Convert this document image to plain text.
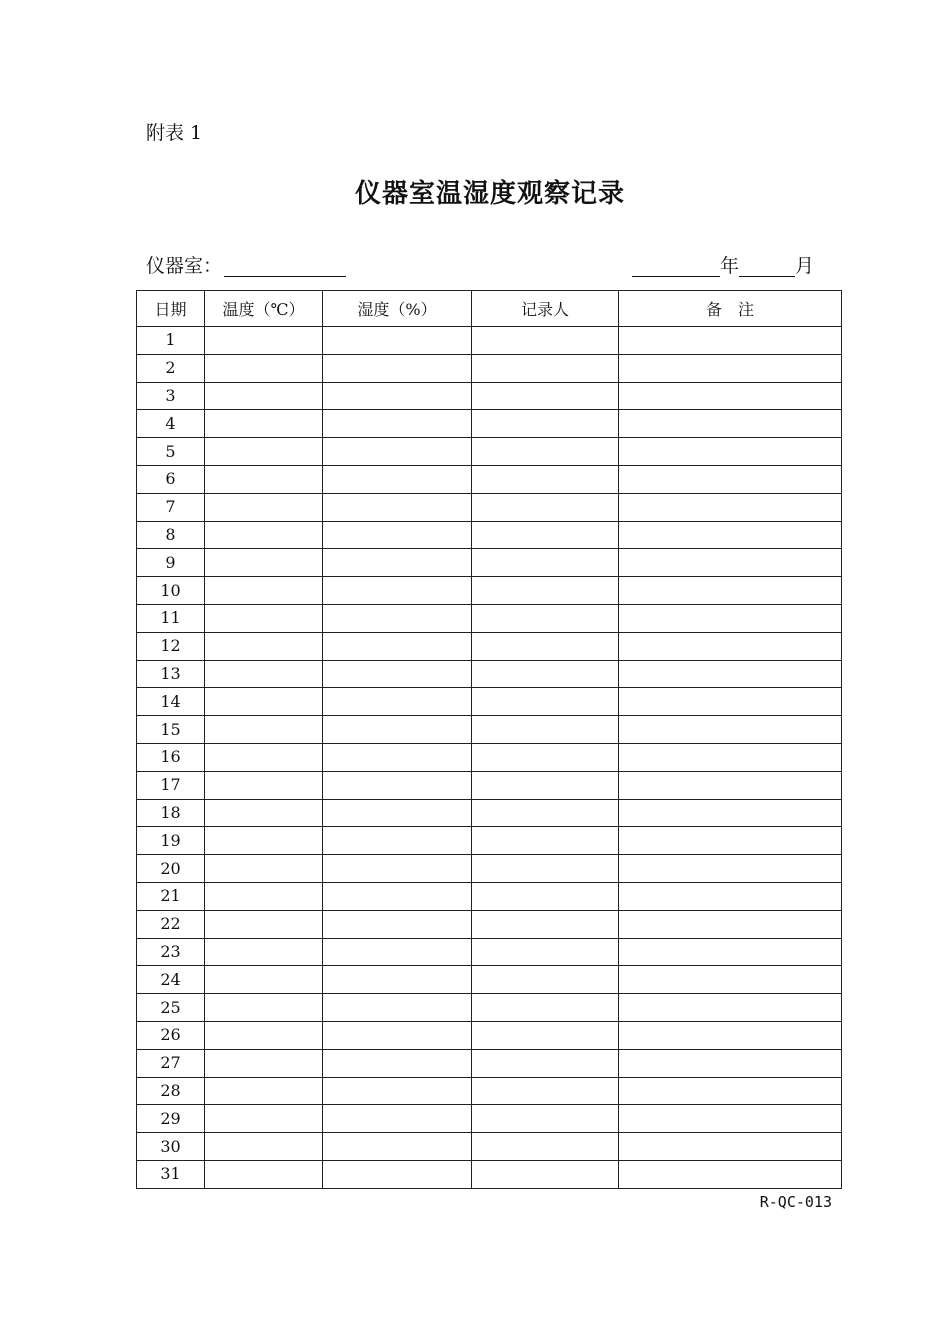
附表 1
仪器室温湿度观察记录
仪器室：	年	月
日期	温度（℃）	湿度（%）	记录人	备　注
1				
2				
3				
4				
5				
6				
7				
8				
9				
10				
11				
12				
13				
14				
15				
16				
17				
18				
19				
20				
21				
22				
23				
24				
25				
26				
27				
28				
29				
30				
31				
R-QC-013
